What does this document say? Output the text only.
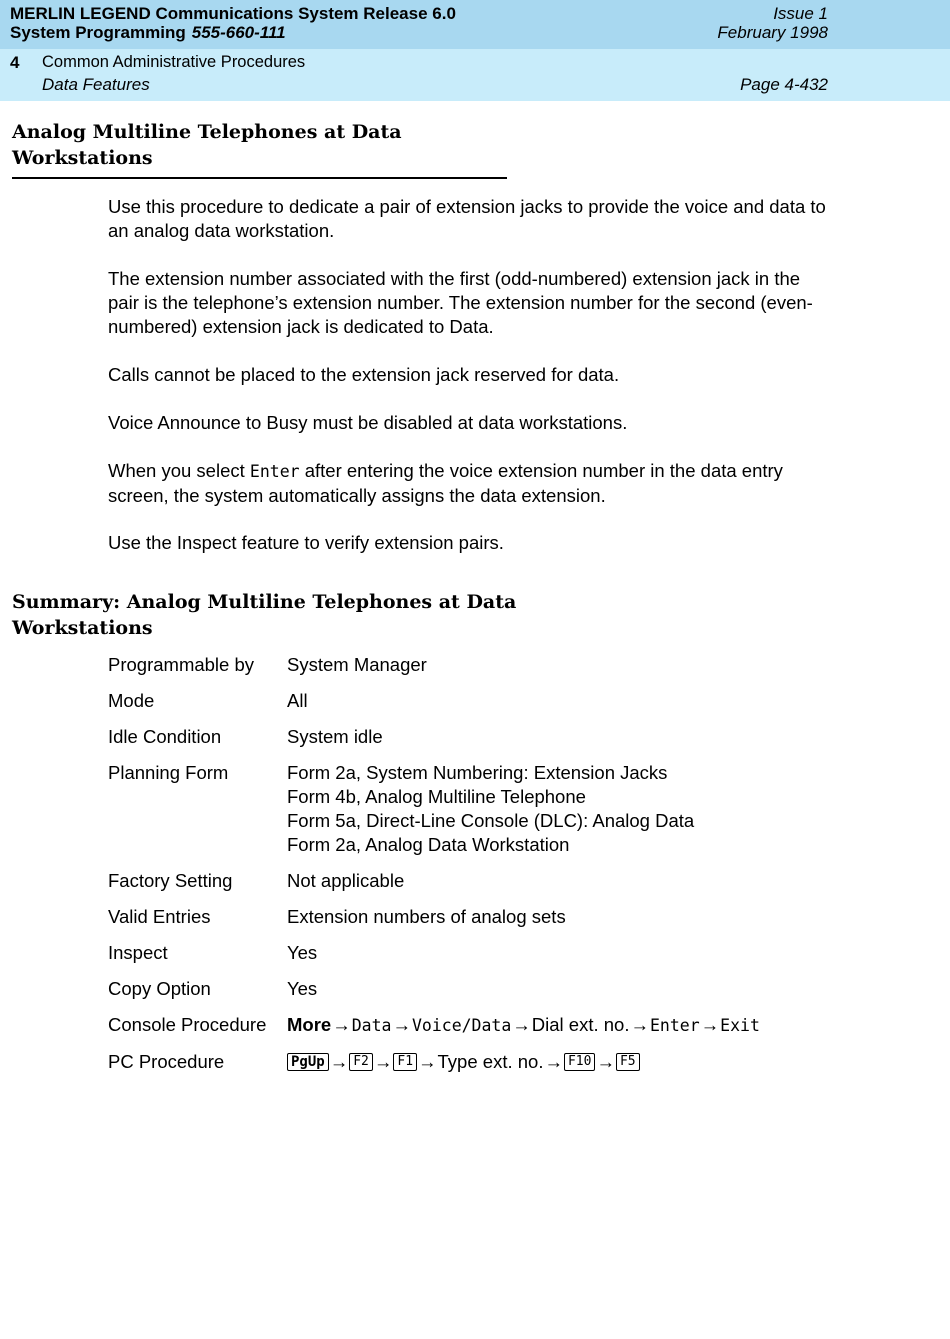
MERLIN LEGEND Communications System Release 6.0
System Programming 555-660-111
Issue 1
February 1998
4 Common Administrative Procedures
Data Features	Page 4-432
Analog Multiline Telephones at Data
Workstations
Use this procedure to dedicate a pair of extension jacks to provide the voice and data to an analog data workstation.
The extension number associated with the first (odd-numbered) extension jack in the pair is the telephone’s extension number. The extension number for the second (even-numbered) extension jack is dedicated to Data.
Calls cannot be placed to the extension jack reserved for data.
Voice Announce to Busy must be disabled at data workstations.
When you select Enter after entering the voice extension number in the data entry screen, the system automatically assigns the data extension.
Use the Inspect feature to verify extension pairs.
Summary: Analog Multiline Telephones at Data
Workstations
Programmable by	System Manager
Mode	All
Idle Condition	System idle
Planning Form	Form 2a, System Numbering: Extension Jacks
Form 4b, Analog Multiline Telephone
Form 5a, Direct-Line Console (DLC): Analog Data
Form 2a, Analog Data Workstation
Factory Setting	Not applicable
Valid Entries	Extension numbers of analog sets
Inspect	Yes
Copy Option	Yes
Console Procedure	More→Data→Voice/Data→Dial ext. no.→Enter→Exit
PC Procedure	PgUp → F2 → F1 → Type ext. no. → F10 → F5
